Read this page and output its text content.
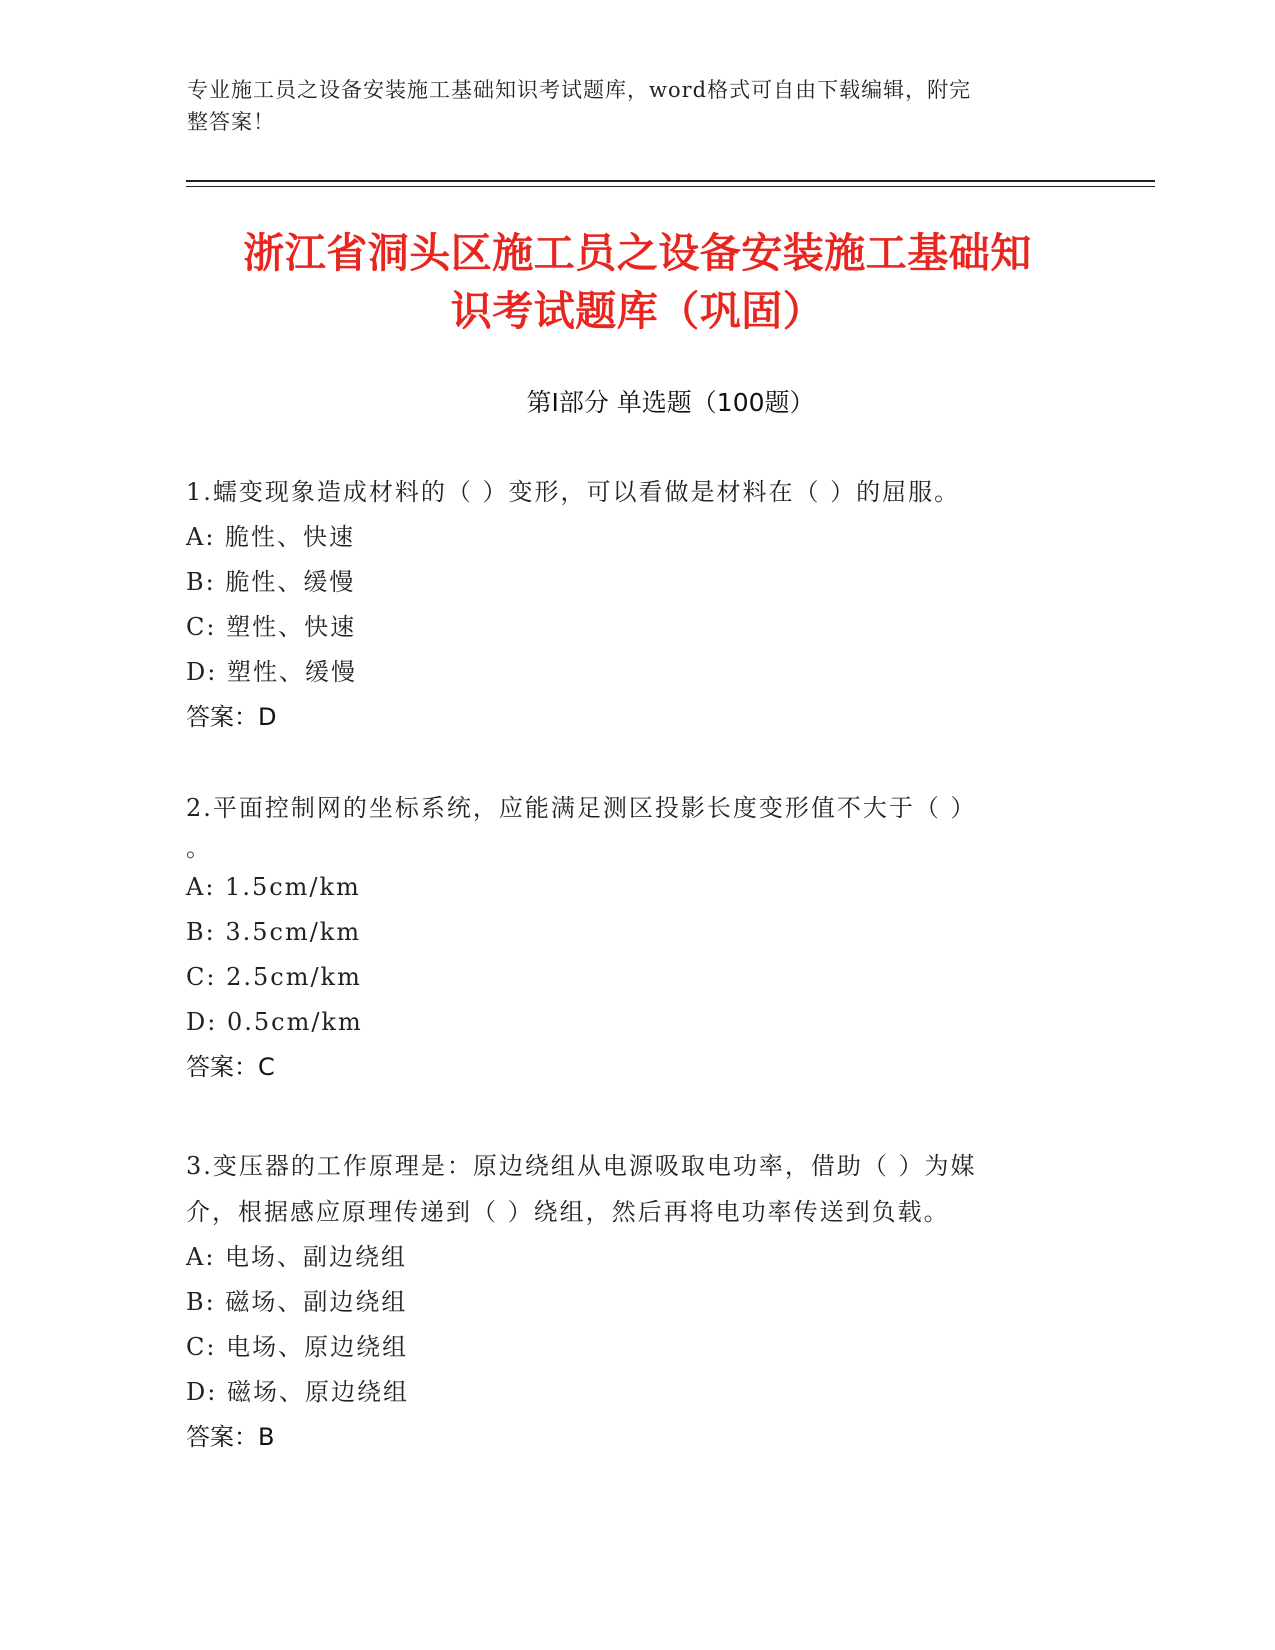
专业施工员之设备安装施工基础知识考试题库，word格式可自由下载编辑，附完
整答案！
浙江省洞头区施工员之设备安装施工基础知
识考试题库（巩固）
第Ⅰ部分 单选题（100题）
1.蠕变现象造成材料的（ ）变形，可以看做是材料在（ ）的屈服。
A: 脆性、快速
B: 脆性、缓慢
C: 塑性、快速
D: 塑性、缓慢
答案：D
2.平面控制网的坐标系统，应能满足测区投影长度变形值不大于（ ）
。
A: 1.5cm/km
B: 3.5cm/km
C: 2.5cm/km
D: 0.5cm/km
答案：C
3.变压器的工作原理是：原边绕组从电源吸取电功率，借助（ ）为媒
介，根据感应原理传递到（ ）绕组，然后再将电功率传送到负载。
A: 电场、副边绕组
B: 磁场、副边绕组
C: 电场、原边绕组
D: 磁场、原边绕组
答案：B
